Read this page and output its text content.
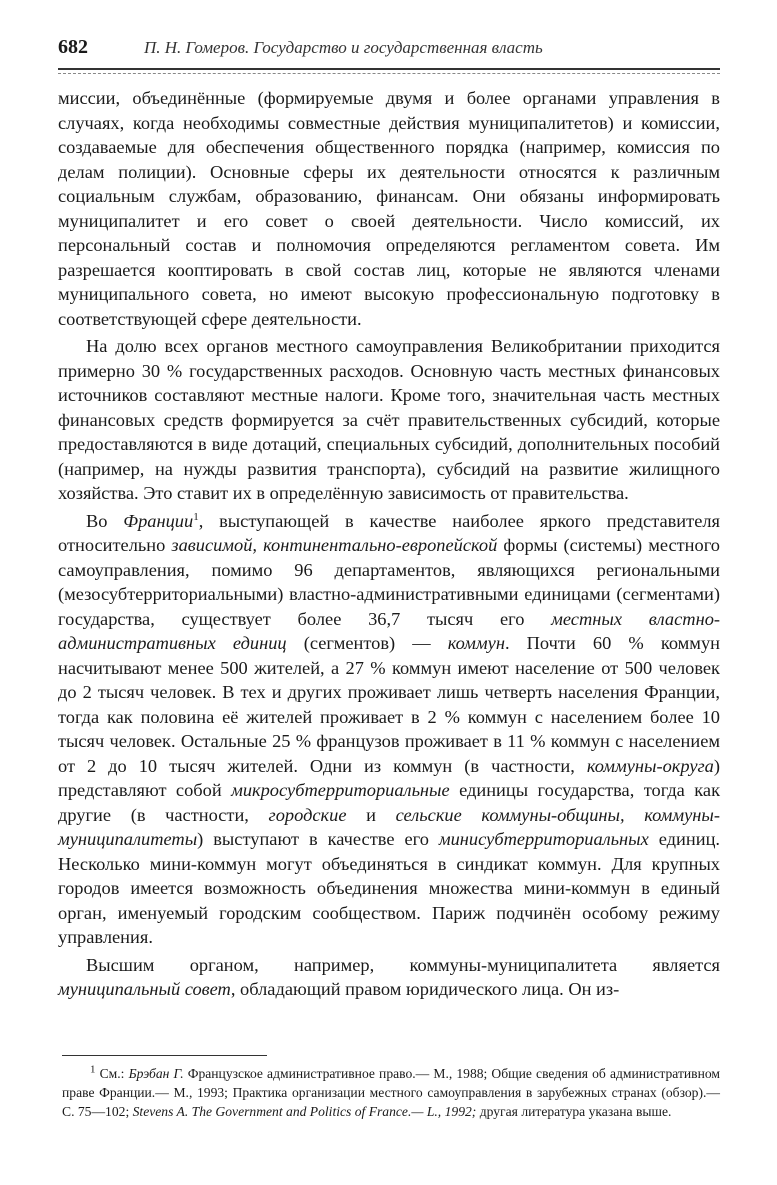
682	П. Н. Гомеров. Государство и государственная власть

миссии, объединённые (формируемые двумя и более органами управления в случаях, когда необходимы совместные действия муниципалитетов) и комиссии, создаваемые для обеспечения общественного порядка (например, комиссия по делам полиции). Основные сферы их деятельности относятся к различным социальным службам, образованию, финансам. Они обязаны информировать муниципалитет и его совет о своей деятельности. Число комиссий, их персональный состав и полномочия определяются регламентом совета. Им разрешается кооптировать в свой состав лиц, которые не являются членами муниципального совета, но имеют высокую профессиональную подготовку в соответствующей сфере деятельности.

На долю всех органов местного самоуправления Великобритании приходится примерно 30 % государственных расходов. Основную часть местных финансовых источников составляют местные налоги. Кроме того, значительная часть местных финансовых средств формируется за счёт правительственных субсидий, которые предоставляются в виде дотаций, специальных субсидий, дополнительных пособий (например, на нужды развития транспорта), субсидий на развитие жилищного хозяйства. Это ставит их в определённую зависимость от правительства.

Во Франции$^1$, выступающей в качестве наиболее яркого представителя относительно зависимой, континентально-европейской формы (системы) местного самоуправления, помимо 96 департаментов, являющихся региональными (мезосубтерриториальными) властно-административными единицами (сегментами) государства, существует более 36,7 тысяч его местных властно-административных единиц (сегментов) — коммун. Почти 60 % коммун насчитывают менее 500 жителей, а 27 % коммун имеют население от 500 человек до 2 тысяч человек. В тех и других проживает лишь четверть населения Франции, тогда как половина её жителей проживает в 2 % коммун с населением более 10 тысяч человек. Остальные 25 % французов проживает в 11 % коммун с населением от 2 до 10 тысяч жителей. Одни из коммун (в частности, коммуны-округа) представляют собой микросубтерриториальные единицы государства, тогда как другие (в частности, городские и сельские коммуны-общины, коммуны-муниципалитеты) выступают в качестве его минисубтерриториальных единиц. Несколько мини-коммун могут объединяться в синдикат коммун. Для крупных городов имеется возможность объединения множества мини-коммун в единый орган, именуемый городским сообществом. Париж подчинён особому режиму управления.

Высшим органом, например, коммуны-муниципалитета является муниципальный совет, обладающий правом юридического лица. Он из-

$^1$ См.: Брэбан Г. Французское административное право.— М., 1988; Общие сведения об административном праве Франции.— М., 1993; Практика организации местного самоуправления в зарубежных странах (обзор).— С. 75—102; Stevens A. The Government and Politics of France.— L., 1992; другая литература указана выше.
